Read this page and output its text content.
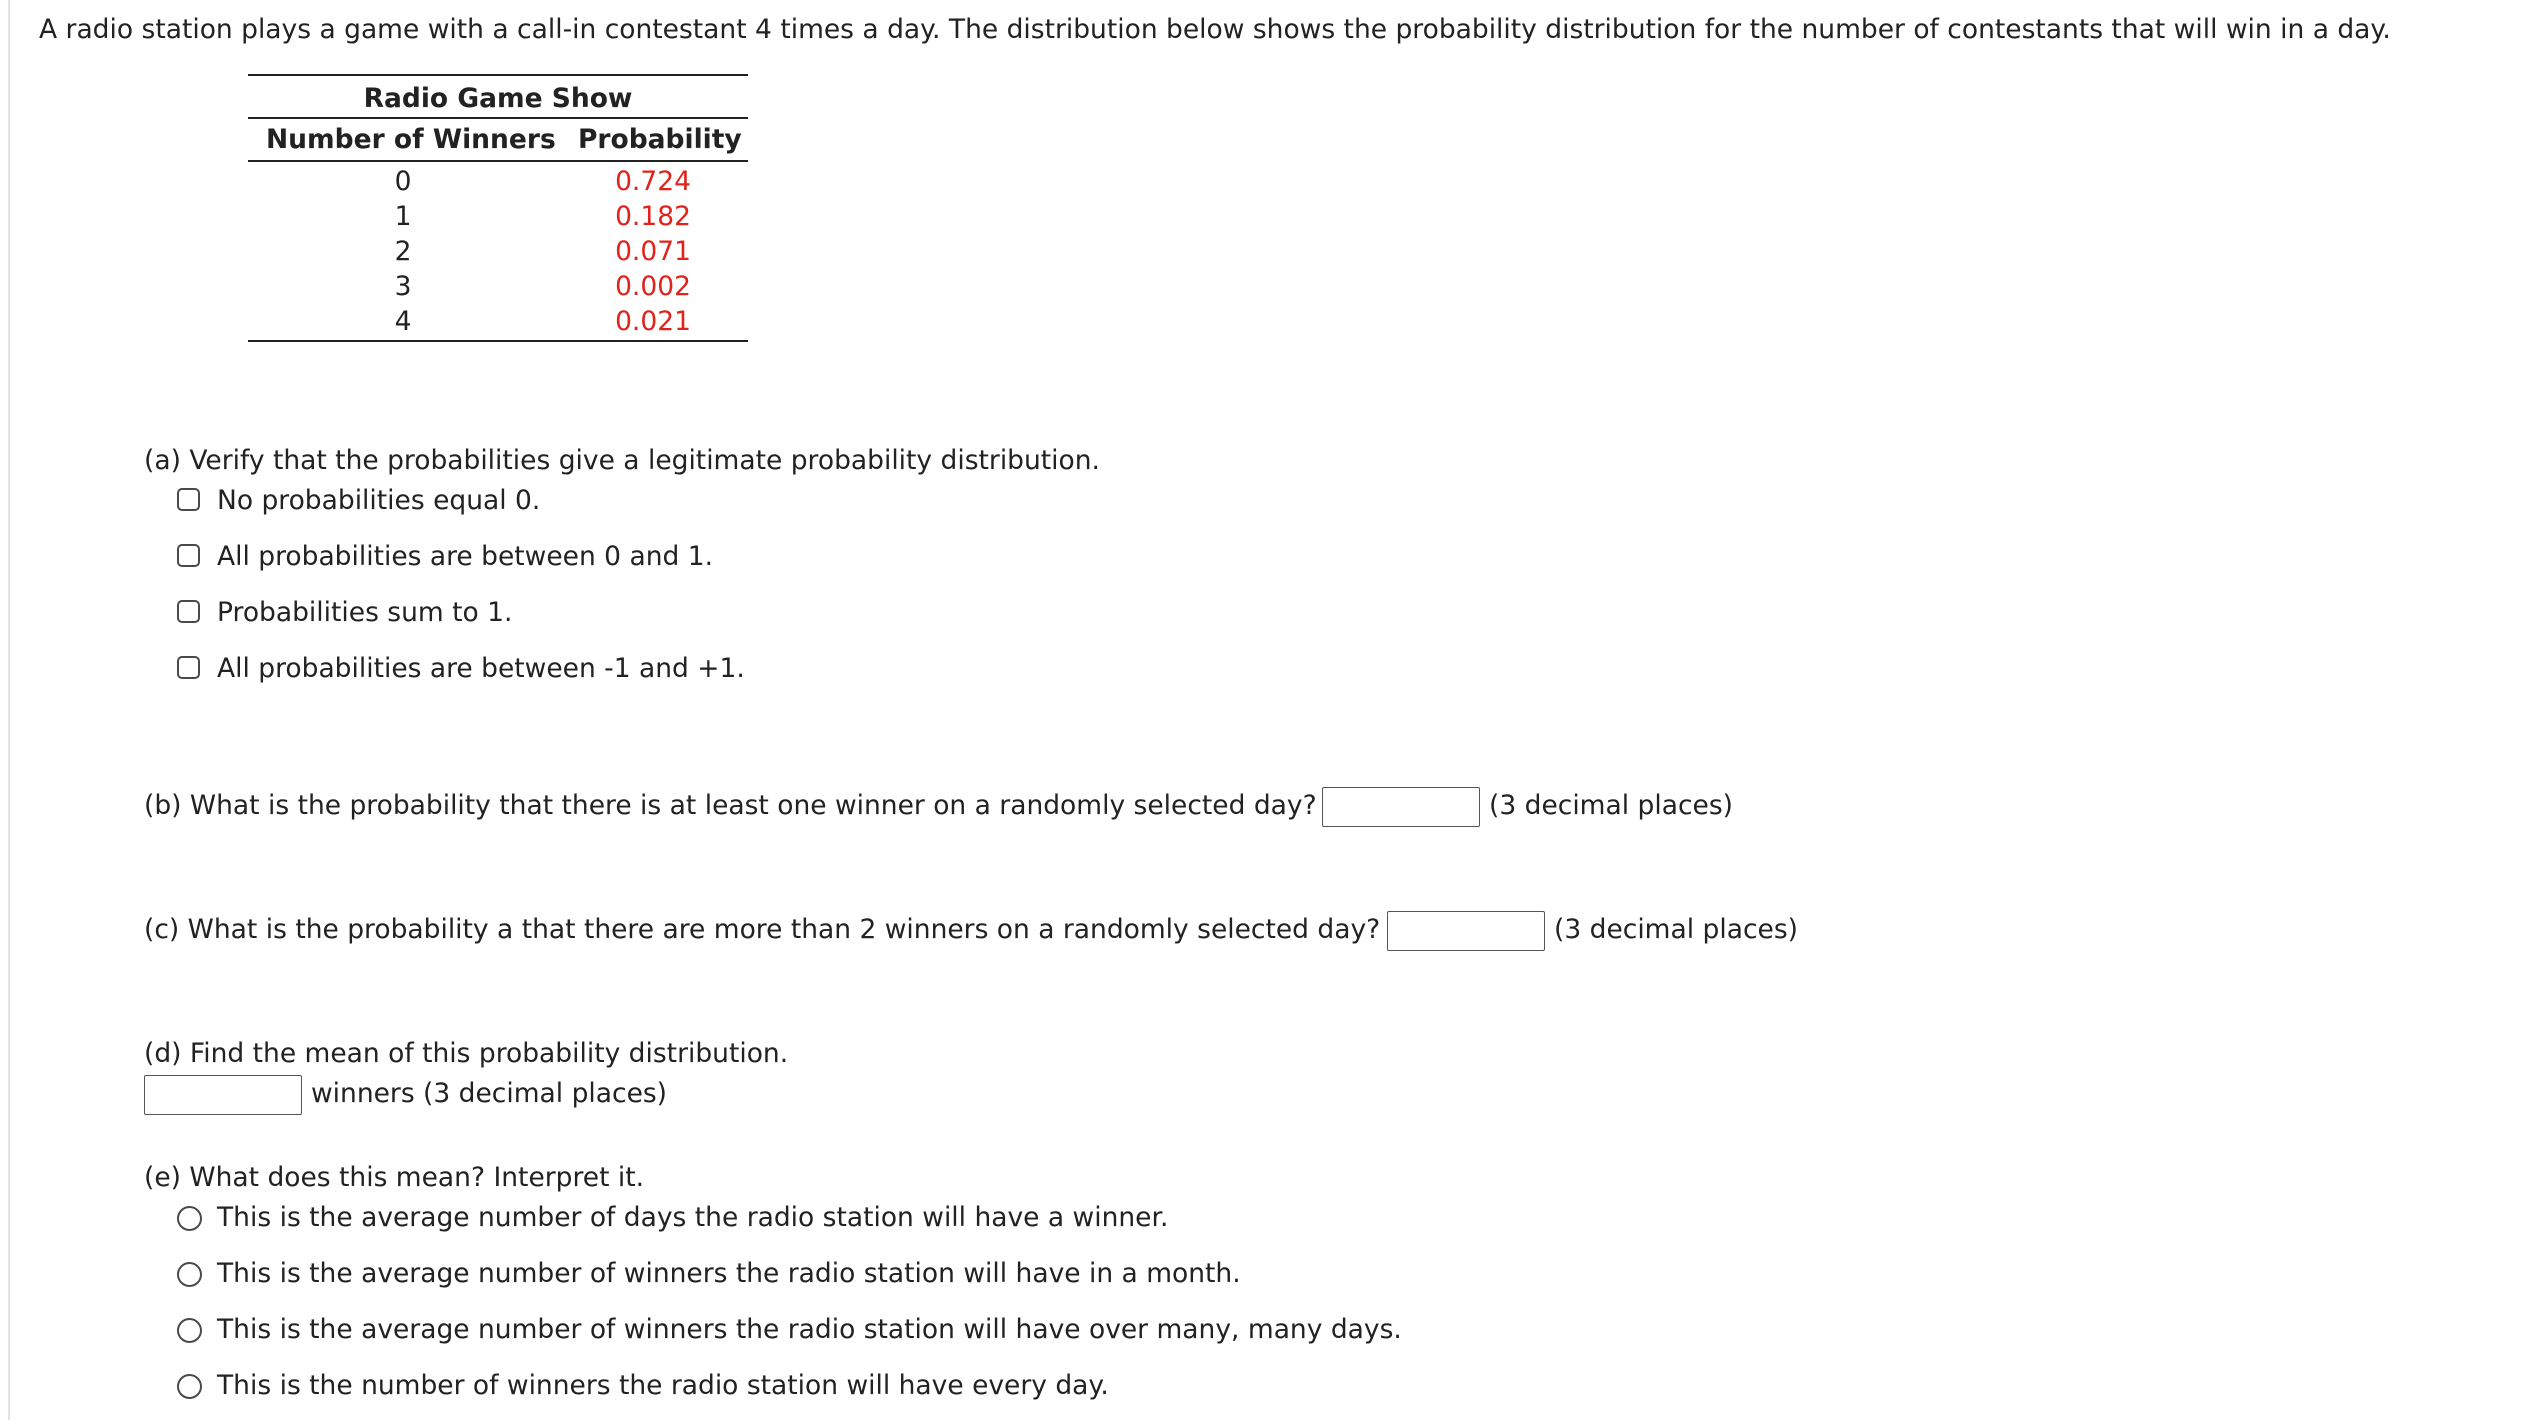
A radio station plays a game with a call-in contestant 4 times a day. The distribution below shows the probability distribution for the number of contestants that will win in a day.
Radio Game Show
Number of Winners Probability
0	0.724
1	0.182
2	0.071
3	0.002
4	0.021
(a) Verify that the probabilities give a legitimate probability distribution.
No probabilities equal 0.
All probabilities are between 0 and 1.
Probabilities sum to 1.
All probabilities are between -1 and +1.
(b) What is the probability that there is at least one winner on a randomly selected day?	(3 decimal places)
(c) What is the probability a that there are more than 2 winners on a randomly selected day?	(3 decimal places)
(d) Find the mean of this probability distribution.
winners (3 decimal places)
(e) What does this mean? Interpret it.
This is the average number of days the radio station will have a winner.
This is the average number of winners the radio station will have in a month.
This is the average number of winners the radio station will have over many, many days.
This is the number of winners the radio station will have every day.
